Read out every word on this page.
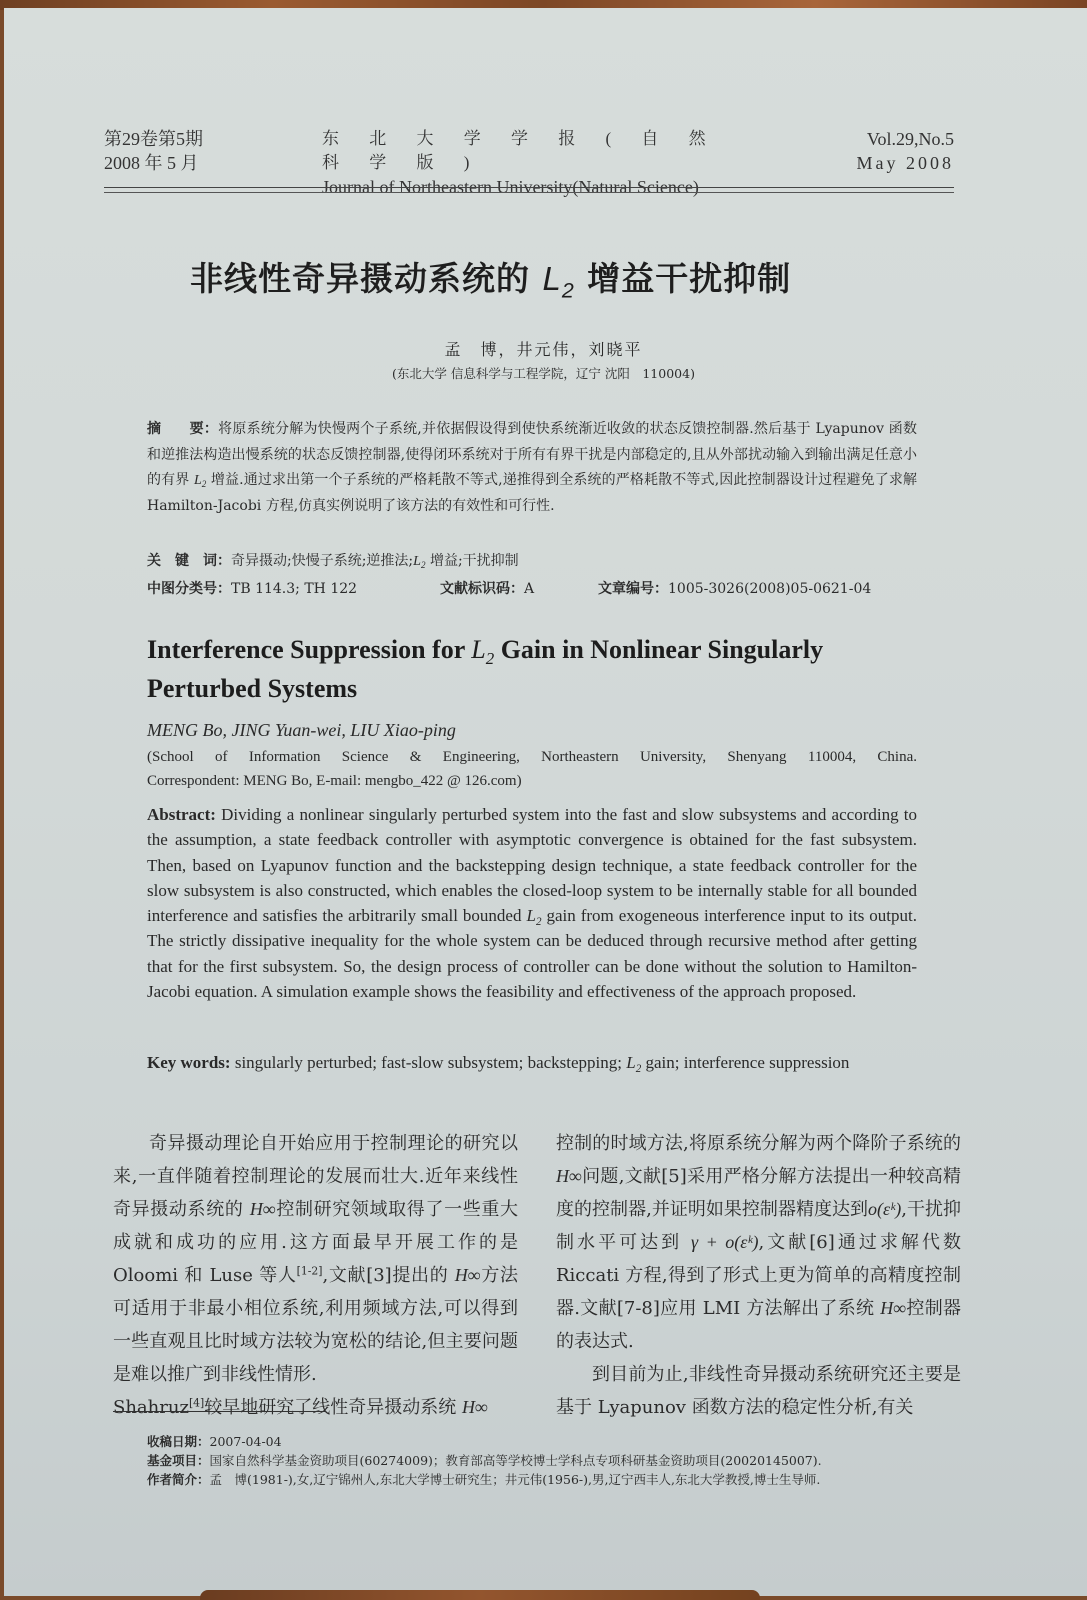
第29卷第5期
2008 年 5 月
东 北 大 学 学 报 ( 自 然 科 学 版 )
Journal of Northeastern University(Natural Science)
Vol.29,No.5
May 2008
非线性奇异摄动系统的 $L_2$ 增益干扰抑制
孟　博，井元伟，刘晓平
(东北大学 信息科学与工程学院，辽宁 沈阳　110004)
摘　　要：将原系统分解为快慢两个子系统,并依据假设得到使快系统渐近收敛的状态反馈控制器.然后基于 Lyapunov 函数和逆推法构造出慢系统的状态反馈控制器,使得闭环系统对于所有有界干扰是内部稳定的,且从外部扰动输入到输出满足任意小的有界 $L_2$ 增益.通过求出第一个子系统的严格耗散不等式,递推得到全系统的严格耗散不等式,因此控制器设计过程避免了求解 Hamilton-Jacobi 方程,仿真实例说明了该方法的有效性和可行性.
关　键　词：奇异摄动;快慢子系统;逆推法$;L_2$ 增益;干扰抑制
中图分类号：TB 114.3; TH 122	文献标识码：A	文章编号：1005-3026(2008)05-0621-04
Interference Suppression for $L_2$ Gain in Nonlinear Singularly Perturbed Systems
MENG Bo, JING Yuan-wei, LIU Xiao-ping
(School of Information Science & Engineering, Northeastern University, Shenyang 110004, China.
Correspondent: MENG Bo, E-mail: mengbo_422 @ 126.com)
Abstract: Dividing a nonlinear singularly perturbed system into the fast and slow subsystems and according to the assumption, a state feedback controller with asymptotic convergence is obtained for the fast subsystem. Then, based on Lyapunov function and the backstepping design technique, a state feedback controller for the slow subsystem is also constructed, which enables the closed-loop system to be internally stable for all bounded interference and satisfies the arbitrarily small bounded $L_2$ gain from exogeneous interference input to its output. The strictly dissipative inequality for the whole system can be deduced through recursive method after getting that for the first subsystem. So, the design process of controller can be done without the solution to Hamilton-Jacobi equation. A simulation example shows the feasibility and effectiveness of the approach proposed.
Key words: singularly perturbed; fast-slow subsystem; backstepping; $L_2$ gain; interference suppression
奇异摄动理论自开始应用于控制理论的研究以来,一直伴随着控制理论的发展而壮大.近年来线性奇异摄动系统的 H∞控制研究领域取得了一些重大成就和成功的应用.这方面最早开展工作的是 Oloomi 和 Luse 等人[1-2],文献[3]提出的 H∞方法可适用于非最小相位系统,利用频域方法,可以得到一些直观且比时域方法较为宽松的结论,但主要问题是难以推广到非线性情形.
Shahruz[4]较早地研究了线性奇异摄动系统 H∞
控制的时域方法,将原系统分解为两个降阶子系统的 H∞问题,文献[5]采用严格分解方法提出一种较高精度的控制器,并证明如果控制器精度达到o(εᵏ),干扰抑制水平可达到 γ + o(εᵏ),文献[6]通过求解代数 Riccati 方程,得到了形式上更为简单的高精度控制器.文献[7-8]应用 LMI 方法解出了系统 H∞控制器的表达式.
到目前为止,非线性奇异摄动系统研究还主要是基于 Lyapunov 函数方法的稳定性分析,有关
收稿日期：2007-04-04
基金项目：国家自然科学基金资助项目(60274009)；教育部高等学校博士学科点专项科研基金资助项目(20020145007).
作者简介：孟　博(1981-),女,辽宁锦州人,东北大学博士研究生；井元伟(1956-),男,辽宁西丰人,东北大学教授,博士生导师.
